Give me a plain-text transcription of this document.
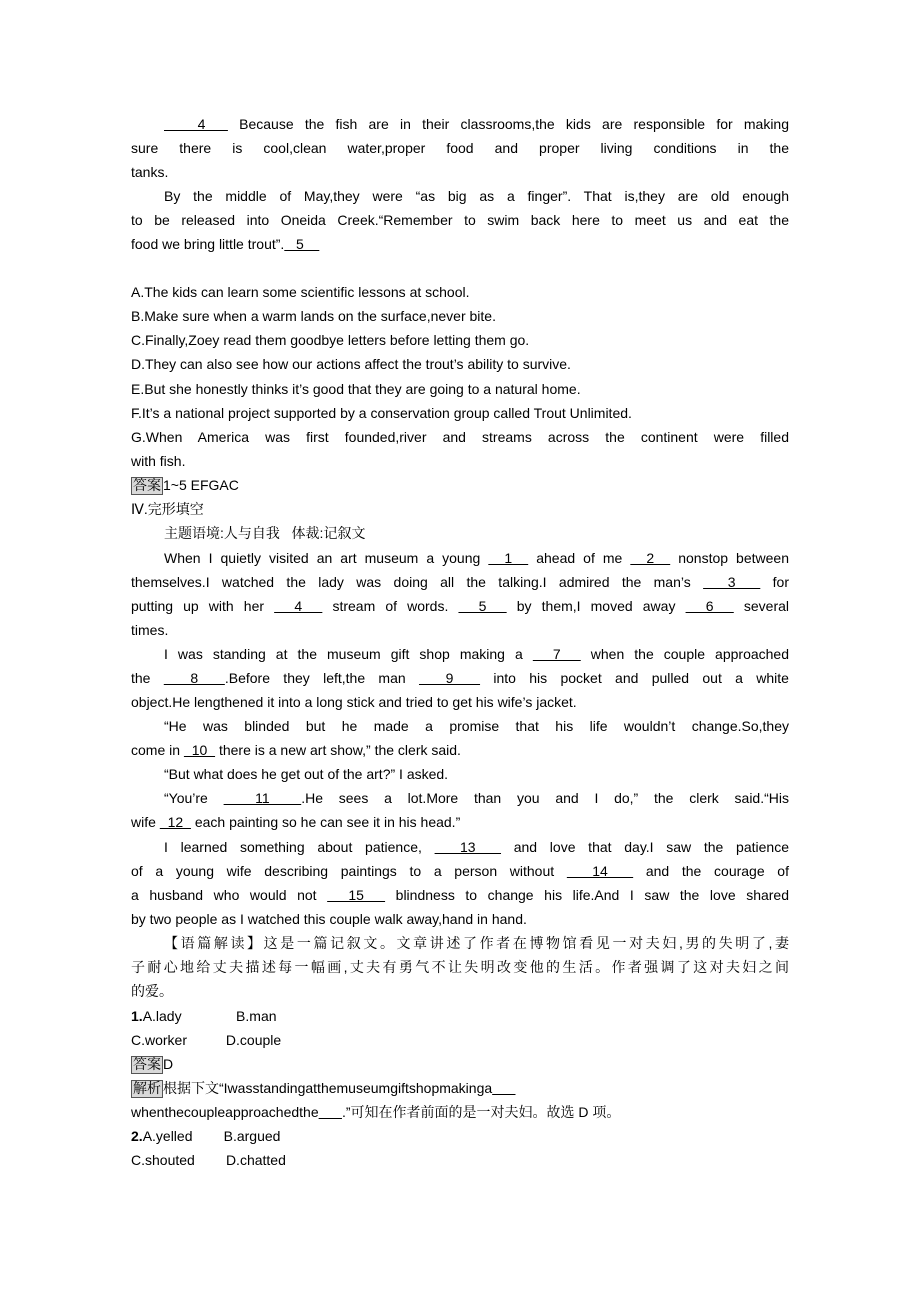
4   Because the fish are in their classrooms,the kids are responsible for making
sure there is cool,clean water,proper food and proper living conditions in the
tanks.
By the middle of May,they were “as big as a finger”. That is,they are old enough
to be released into Oneida Creek.“Remember to swim back here to meet us and eat the
food we bring little trout”.   5
A.The kids can learn some scientific lessons at school.
B.Make sure when a warm lands on the surface,never bite.
C.Finally,Zoey read them goodbye letters before letting them go.
D.They can also see how our actions affect the trout’s ability to survive.
E.But she honestly thinks it’s good that they are going to a natural home.
F.It’s a national project supported by a conservation group called Trout Unlimited.
G.When America was first founded,river and streams across the continent were filled
with fish.
答案 1~5 EFGAC
Ⅳ.完形填空
主题语境:人与自我   体裁:记叙文
When I quietly visited an art museum a young   1   ahead of me   2   nonstop between
themselves.I watched the lady was doing all the talking.I admired the man’s   3   for
putting up with her   4   stream of words.   5   by them,I moved away   6   several
times.
I was standing at the museum gift shop making a   7   when the couple approached
the   8  .Before they left,the man   9   into his pocket and pulled out a white
object.He lengthened it into a long stick and tried to get his wife’s jacket.
“He was blinded but he made a promise that his life wouldn’t change.So,they
come in   10   there is a new art show,” the clerk said.
“But what does he get out of the art?” I asked.
“You’re   11  .He sees a lot.More than you and I do,” the clerk said.“His
wife   12   each painting so he can see it in his head.”
I learned something about patience,   13   and love that day.I saw the patience
of a young wife describing paintings to a person without   14   and the courage of
a husband who would not   15   blindness to change his life.And I saw the love shared
by two people as I watched this couple walk away,hand in hand.
【语篇解读】这是一篇记叙文。文章讲述了作者在博物馆看见一对夫妇,男的失明了,妻
子耐心地给丈夫描述每一幅画,丈夫有勇气不让失明改变他的生活。作者强调了这对夫妇之间
的爱。
1.A.lady              B.man
C.worker          D.couple
答案 D
解析 根据下文“Iwasstandingatthemuseumgiftshopmakinga
whenthecoupleapproachedthe .”可知在作者前面的是一对夫妇。故选 D 项。
2.A.yelled        B.argued
C.shouted        D.chatted
